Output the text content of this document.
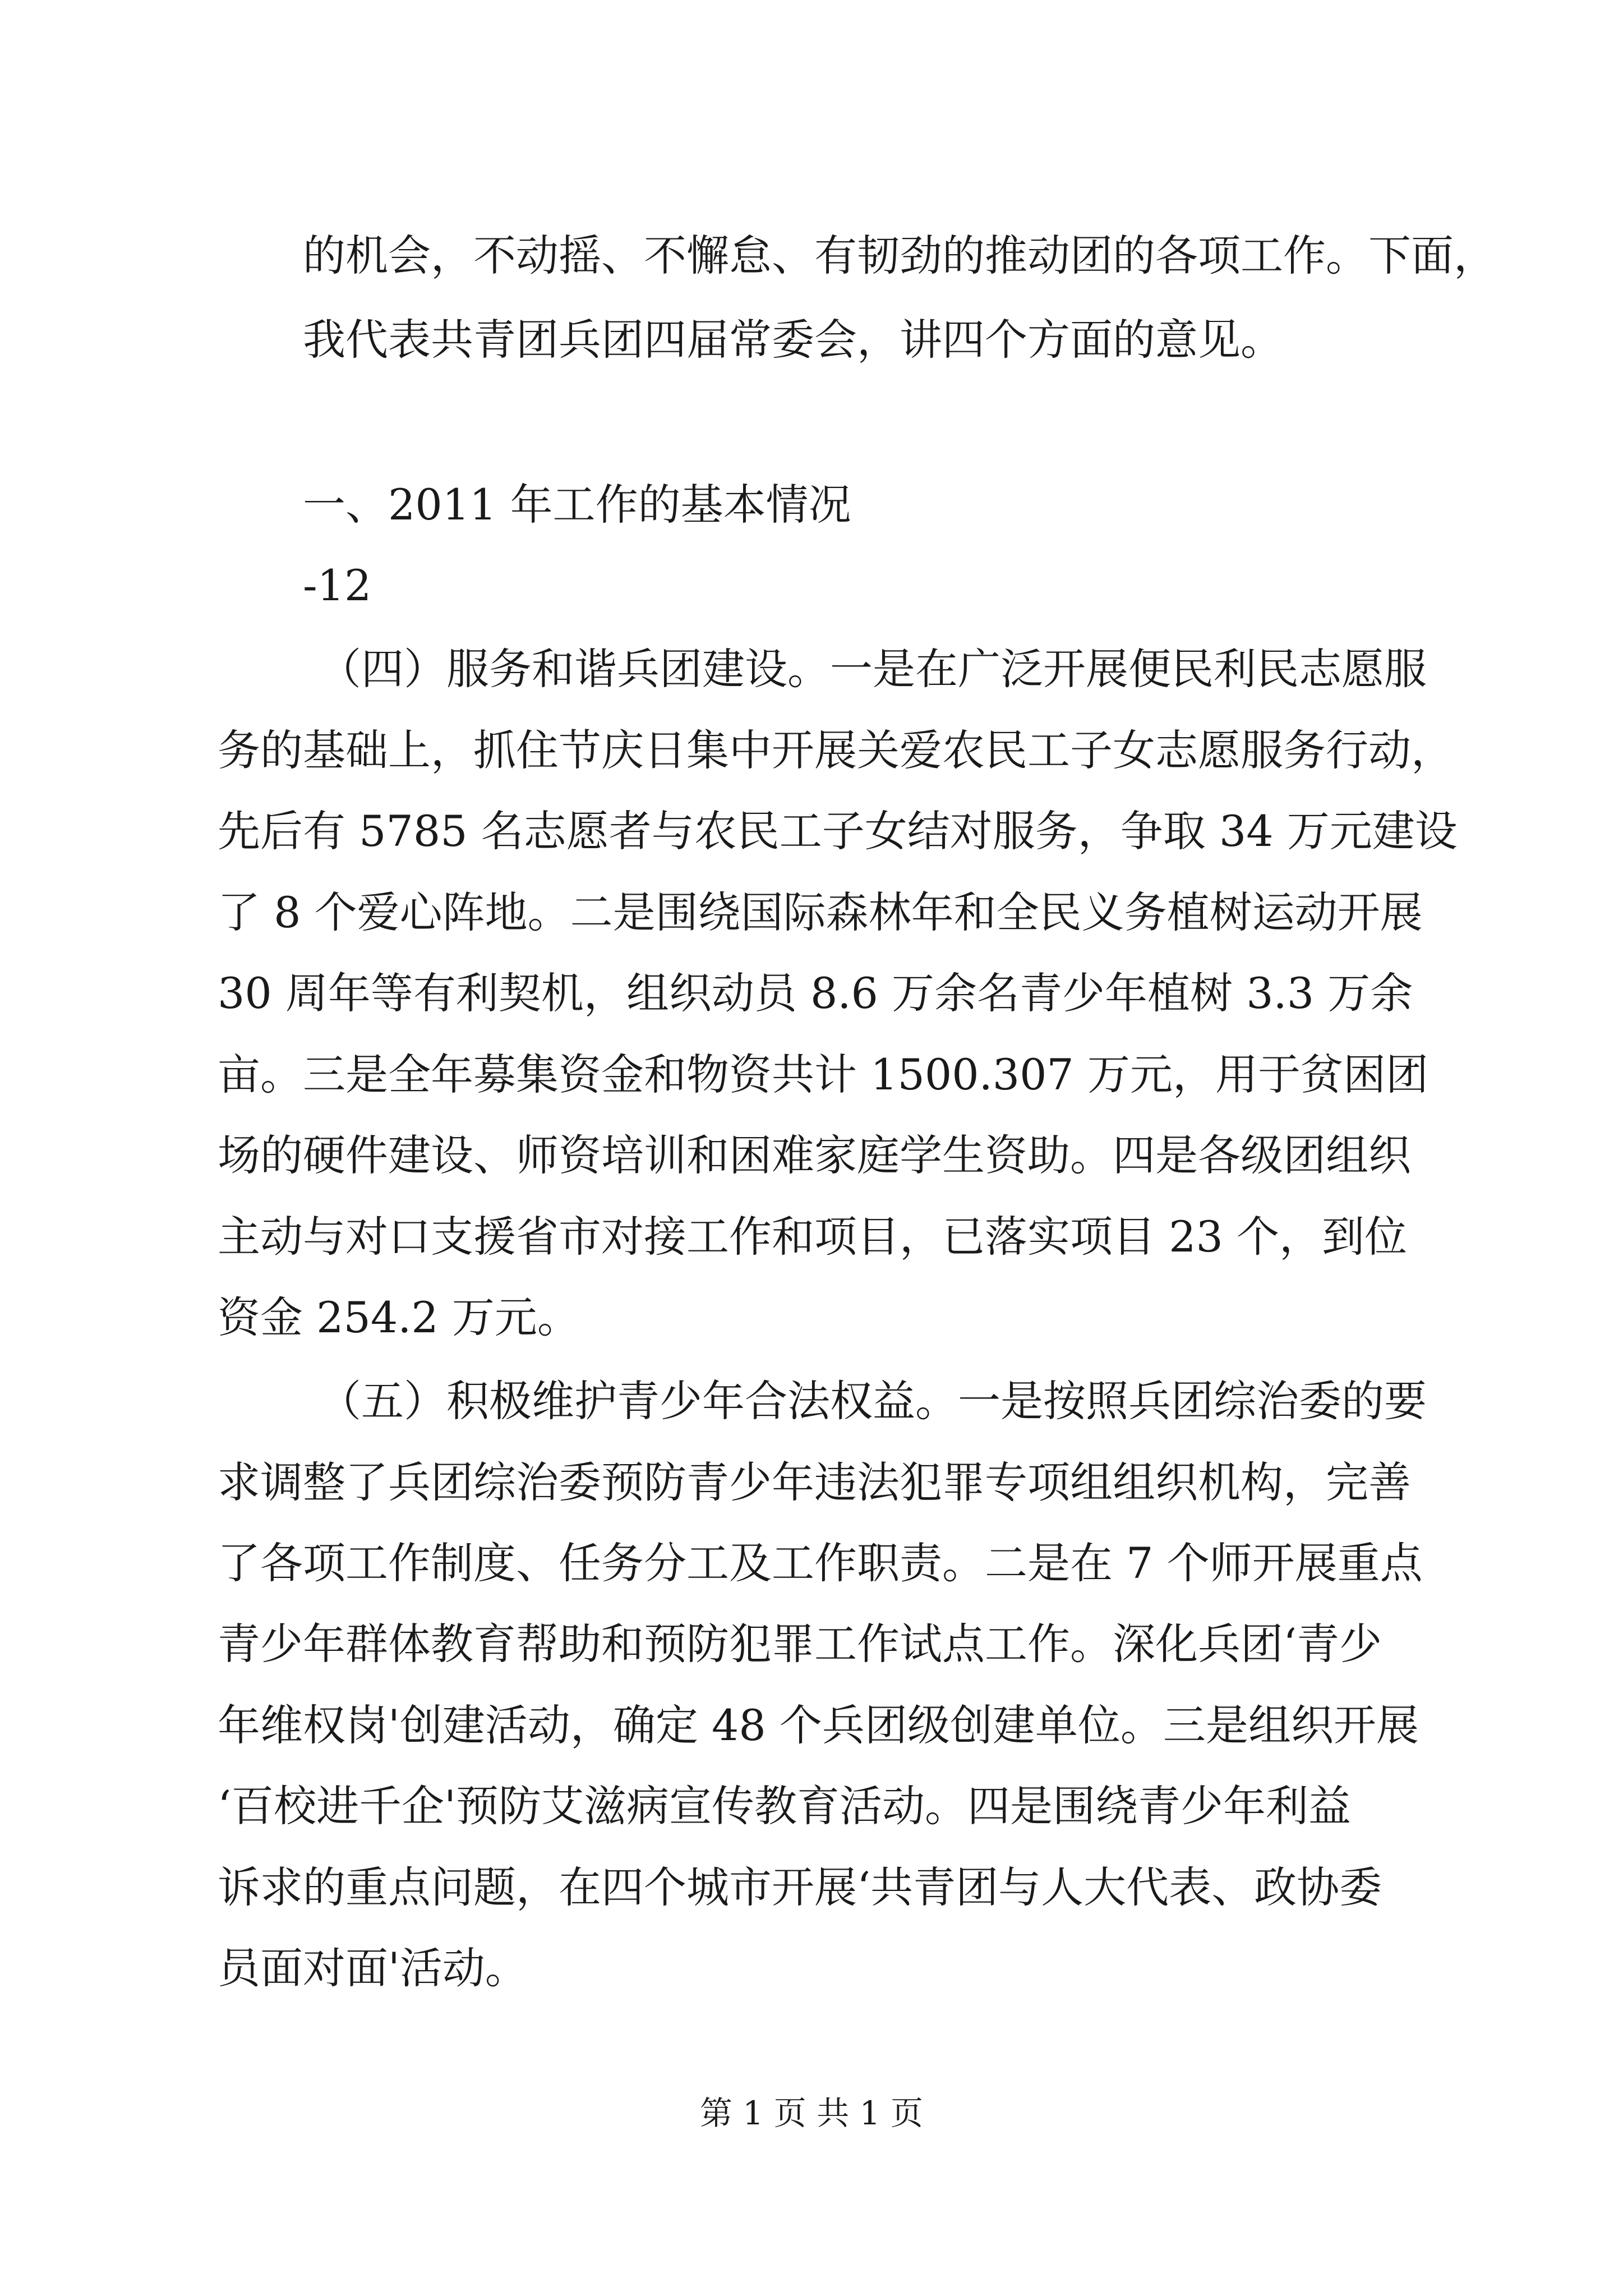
的机会，不动摇、不懈怠、有韧劲的推动团的各项工作。下面，
我代表共青团兵团四届常委会，讲四个方面的意见。
一、2011 年工作的基本情况
-12
（四）服务和谐兵团建设。一是在广泛开展便民利民志愿服
务的基础上，抓住节庆日集中开展关爱农民工子女志愿服务行动，
先后有 5785 名志愿者与农民工子女结对服务，争取 34 万元建设
了 8 个爱心阵地。二是围绕国际森林年和全民义务植树运动开展
30 周年等有利契机，组织动员 8.6 万余名青少年植树 3.3 万余
亩。三是全年募集资金和物资共计 1500.307 万元，用于贫困团
场的硬件建设、师资培训和困难家庭学生资助。四是各级团组织
主动与对口支援省市对接工作和项目，已落实项目 23 个，到位
资金 254.2 万元。
（五）积极维护青少年合法权益。一是按照兵团综治委的要
求调整了兵团综治委预防青少年违法犯罪专项组组织机构，完善
了各项工作制度、任务分工及工作职责。二是在 7 个师开展重点
青少年群体教育帮助和预防犯罪工作试点工作。深化兵团‘青少
年维权岗'创建活动，确定 48 个兵团级创建单位。三是组织开展
‘百校进千企'预防艾滋病宣传教育活动。四是围绕青少年利益
诉求的重点问题，在四个城市开展‘共青团与人大代表、政协委
员面对面'活动。
第 1 页 共 1 页
